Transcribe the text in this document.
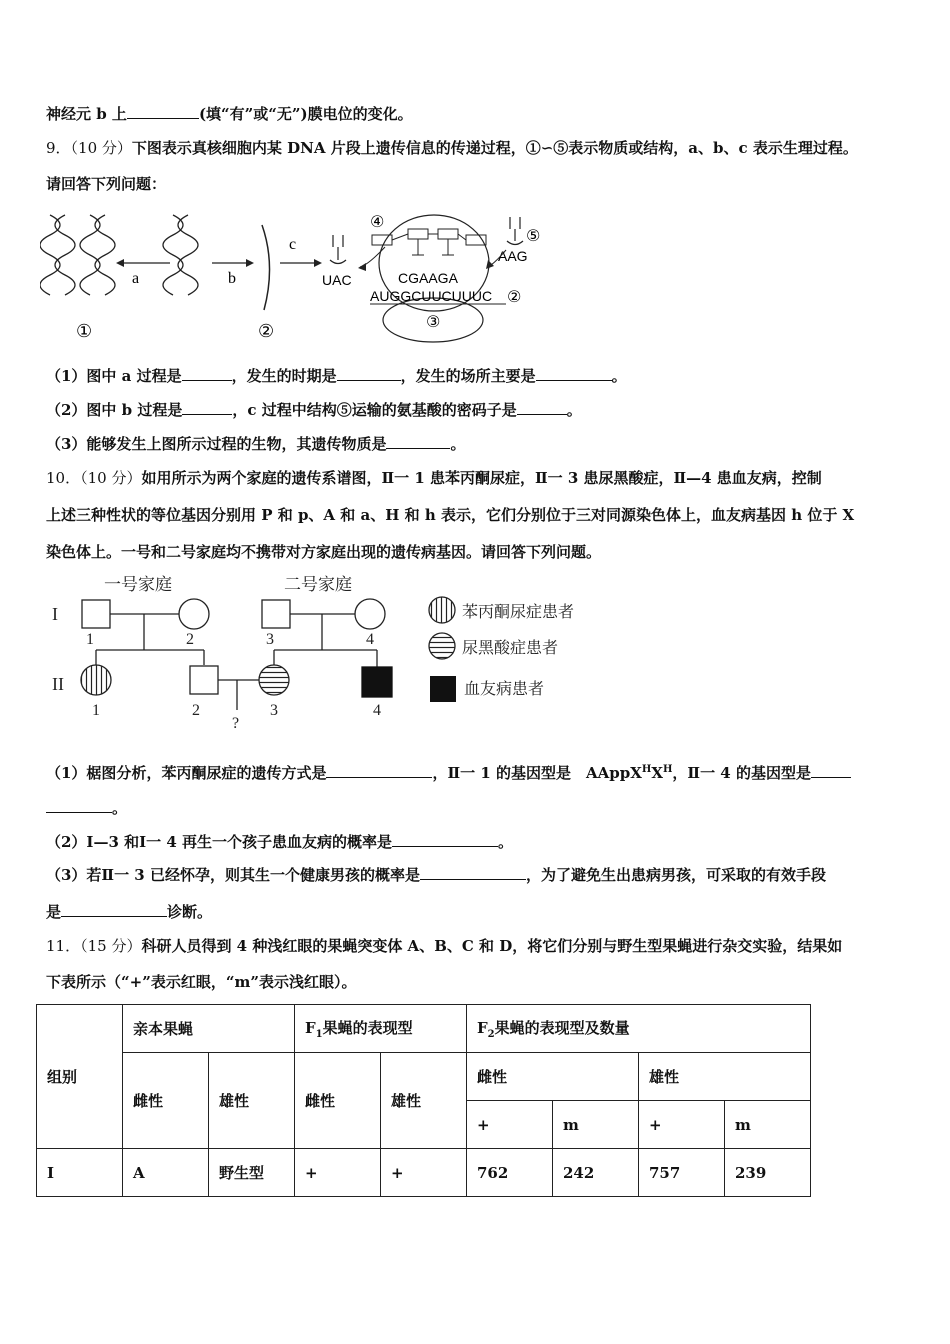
神经元 b 上	(填“有”或“无”)膜电位的变化。
9．（10 分）下图表示真核细胞内某 DNA 片段上遗传信息的传递过程，①∽⑤表示物质或结构，a、b、c 表示生理过程。
请回答下列问题：
a	b
c
①	②
UAC
④
CGAAGA
AUGGCUUCUUUC ②
③
⑤
AAG
（1）图中 a 过程是	，发生的时期是	，发生的场所主要是	。
（2）图中 b 过程是	，c 过程中结构⑤运输的氨基酸的密码子是	。
（3）能够发生上图所示过程的生物，其遗传物质是	。
10．（10 分）如用所示为两个家庭的遗传系谱图，Ⅱ一 1 患苯丙酮尿症，Ⅱ一 3 患尿黑酸症，Ⅱ—4 患血友病，控制
上述三种性状的等位基因分别用 P 和 p、A 和 a、H 和 h 表示，它们分别位于三对同源染色体上，血友病基因 h 位于 X
染色体上。一号和二号家庭均不携带对方家庭出现的遗传病基因。请回答下列问题。
一号家庭	二号家庭
I
II
1	2	3	4
1	2	3	4
?
苯丙酮尿症患者
尿黑酸症患者
血友病患者
（1）椐图分析，苯丙酮尿症的遗传方式是	，Ⅱ一 1 的基因型是　$AAppX^HX^H$，Ⅱ一 4 的基因型是
。
（2）Ⅰ—3 和Ⅰ一 4 再生一个孩子患血友病的概率是	。
（3）若Ⅱ一 3 已经怀孕，则其生一个健康男孩的概率是	，为了避免生出患病男孩，可采取的有效手段
是	诊断。
11．（15 分）科研人员得到 4 种浅红眼的果蝇突变体 A、B、C 和 D，将它们分别与野生型果蝇进行杂交实验，结果如
下表所示（“+”表示红眼，“m”表示浅红眼）。
组别	亲本果蝇		$F_1$果蝇的表现型		$F_2$果蝇的表现型及数量			
	雌性	雄性	雌性	雄性	雌性		雄性	
					+	m	+	m
I	A	野生型	+	+	762	242	757	239
